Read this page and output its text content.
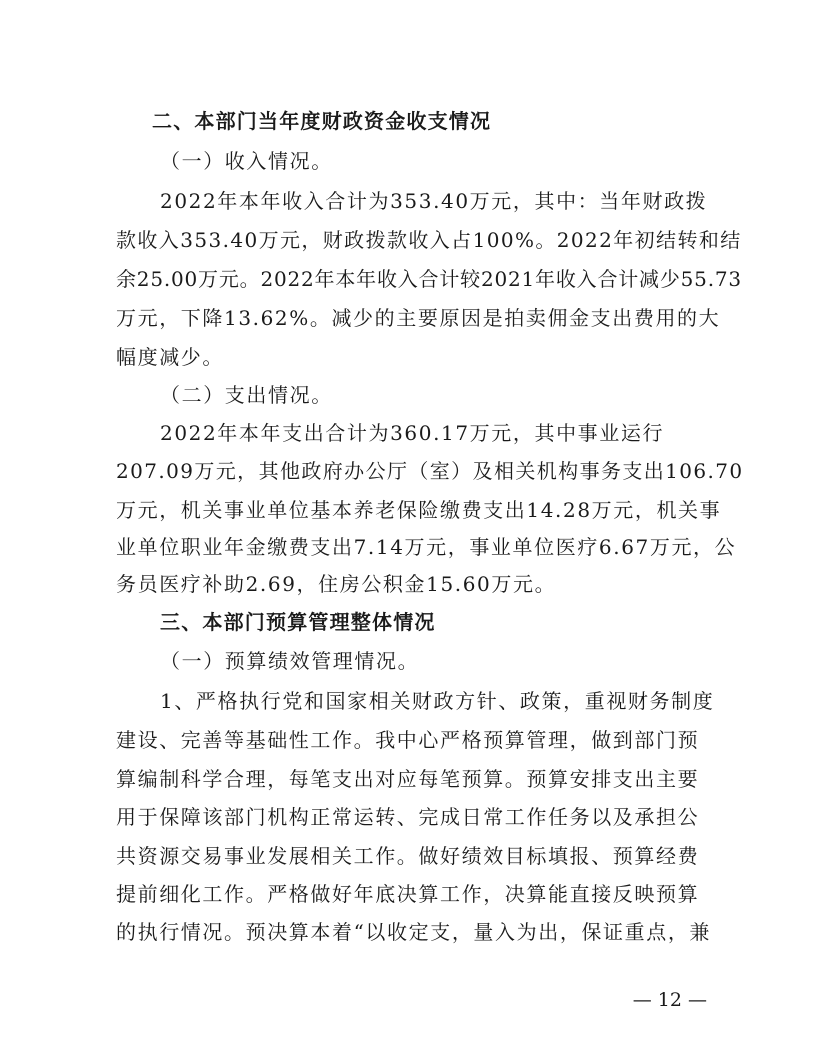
二、本部门当年度财政资金收支情况
（一）收入情况。
2022年本年收入合计为353.40万元，其中：当年财政拨
款收入353.40万元，财政拨款收入占100%。2022年初结转和结
余25.00万元。2022年本年收入合计较2021年收入合计减少55.73
万元，下降13.62%。减少的主要原因是拍卖佣金支出费用的大
幅度减少。
（二）支出情况。
2022年本年支出合计为360.17万元，其中事业运行
207.09万元，其他政府办公厅（室）及相关机构事务支出106.70
万元，机关事业单位基本养老保险缴费支出14.28万元，机关事
业单位职业年金缴费支出7.14万元，事业单位医疗6.67万元，公
务员医疗补助2.69，住房公积金15.60万元。
三、本部门预算管理整体情况
（一）预算绩效管理情况。
1、严格执行党和国家相关财政方针、政策，重视财务制度
建设、完善等基础性工作。我中心严格预算管理，做到部门预
算编制科学合理，每笔支出对应每笔预算。预算安排支出主要
用于保障该部门机构正常运转、完成日常工作任务以及承担公
共资源交易事业发展相关工作。做好绩效目标填报、预算经费
提前细化工作。严格做好年底决算工作，决算能直接反映预算
的执行情况。预决算本着“以收定支，量入为出，保证重点，兼
— 12 —
